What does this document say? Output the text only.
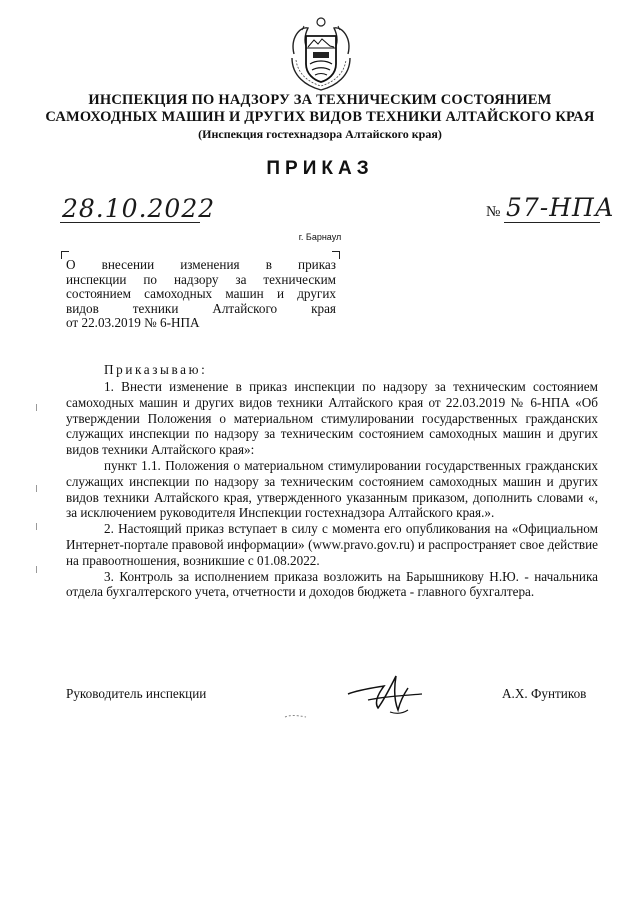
ИНСПЕКЦИЯ ПО НАДЗОРУ ЗА ТЕХНИЧЕСКИМ СОСТОЯНИЕМ
САМОХОДНЫХ МАШИН И ДРУГИХ ВИДОВ ТЕХНИКИ АЛТАЙСКОГО КРАЯ
(Инспекция гостехнадзора Алтайского края)
ПРИКАЗ
28.10.2022	№ 57-НПА
г. Барнаул
О внесении изменения в приказ
инспекции по надзору за техническим
состоянием самоходных машин и других
видов техники Алтайского края
от 22.03.2019 № 6-НПА
Приказываю:

1. Внести изменение в приказ инспекции по надзору за техническим состоянием самоходных машин и других видов техники Алтайского края от 22.03.2019 № 6-НПА «Об утверждении Положения о материальном стимулировании государственных гражданских служащих инспекции по надзору за техническим состоянием самоходных машин и других видов техники Алтайского края»:

пункт 1.1. Положения о материальном стимулировании государственных гражданских служащих инспекции по надзору за техническим состоянием самоходных машин и других видов техники Алтайского края, утвержденного указанным приказом, дополнить словами «, за исключением руководителя Инспекции гостехнадзора Алтайского края.».

2. Настоящий приказ вступает в силу с момента его опубликования на «Официальном Интернет-портале правовой информации» (www.pravo.gov.ru) и распространяет свое действие на правоотношения, возникшие с 01.08.2022.

3. Контроль за исполнением приказа возложить на Барышникову Н.Ю. - начальника отдела бухгалтерского учета, отчетности и доходов бюджета - главного бухгалтера.

Руководитель инспекции	А.Х. Фунтиков
